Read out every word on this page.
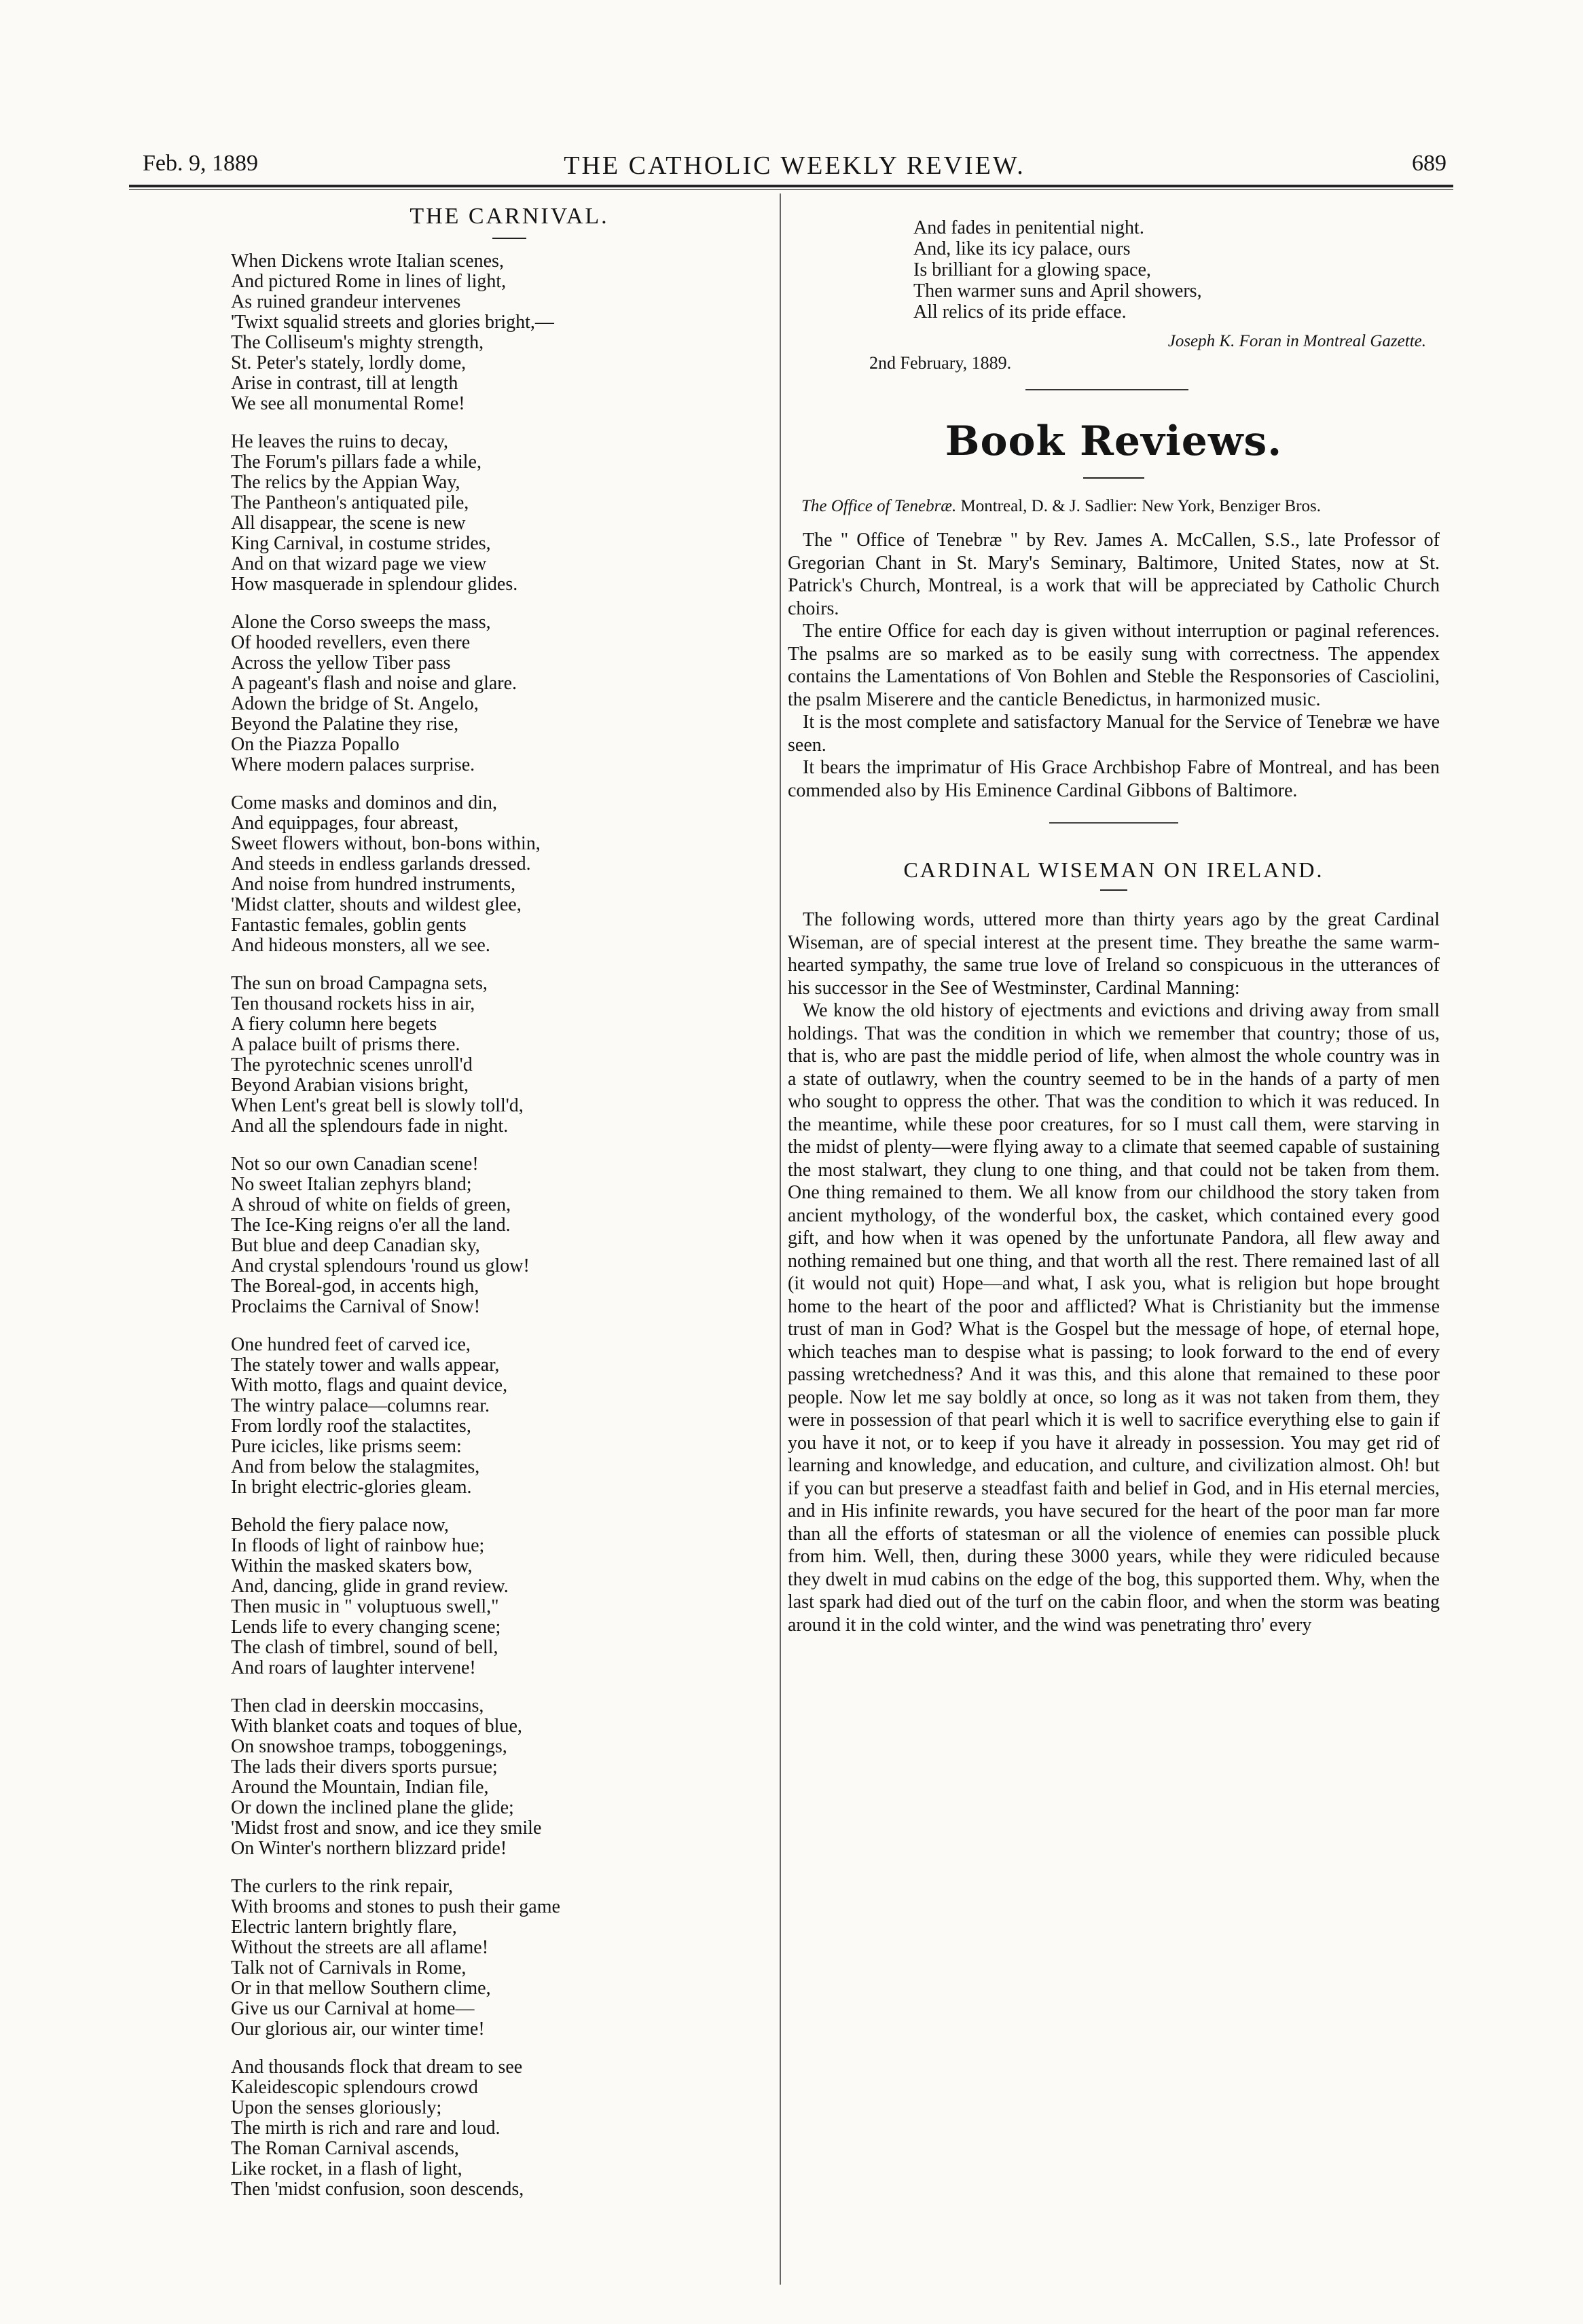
Feb. 9, 1889	THE CATHOLIC WEEKLY REVIEW.	689
THE CARNIVAL.
When Dickens wrote Italian scenes,
And pictured Rome in lines of light,
As ruined grandeur intervenes
'Twixt squalid streets and glories bright,—
The Colliseum's mighty strength,
St. Peter's stately, lordly dome,
Arise in contrast, till at length
We see all monumental Rome!
He leaves the ruins to decay,
The Forum's pillars fade a while,
The relics by the Appian Way,
The Pantheon's antiquated pile,
All disappear, the scene is new
King Carnival, in costume strides,
And on that wizard page we view
How masquerade in splendour glides.
Alone the Corso sweeps the mass,
Of hooded revellers, even there
Across the yellow Tiber pass
A pageant's flash and noise and glare.
Adown the bridge of St. Angelo,
Beyond the Palatine they rise,
On the Piazza Popallo
Where modern palaces surprise.
Come masks and dominos and din,
And equippages, four abreast,
Sweet flowers without, bon-bons within,
And steeds in endless garlands dressed.
And noise from hundred instruments,
'Midst clatter, shouts and wildest glee,
Fantastic females, goblin gents
And hideous monsters, all we see.
The sun on broad Campagna sets,
Ten thousand rockets hiss in air,
A fiery column here begets
A palace built of prisms there.
The pyrotechnic scenes unroll'd
Beyond Arabian visions bright,
When Lent's great bell is slowly toll'd,
And all the splendours fade in night.
Not so our own Canadian scene!
No sweet Italian zephyrs bland;
A shroud of white on fields of green,
The Ice-King reigns o'er all the land.
But blue and deep Canadian sky,
And crystal splendours 'round us glow!
The Boreal-god, in accents high,
Proclaims the Carnival of Snow!
One hundred feet of carved ice,
The stately tower and walls appear,
With motto, flags and quaint device,
The wintry palace—columns rear.
From lordly roof the stalactites,
Pure icicles, like prisms seem:
And from below the stalagmites,
In bright electric-glories gleam.
Behold the fiery palace now,
In floods of light of rainbow hue;
Within the masked skaters bow,
And, dancing, glide in grand review.
Then music in " voluptuous swell,"
Lends life to every changing scene;
The clash of timbrel, sound of bell,
And roars of laughter intervene!
Then clad in deerskin moccasins,
With blanket coats and toques of blue,
On snowshoe tramps, toboggenings,
The lads their divers sports pursue;
Around the Mountain, Indian file,
Or down the inclined plane the glide;
'Midst frost and snow, and ice they smile
On Winter's northern blizzard pride!
The curlers to the rink repair,
With brooms and stones to push their game
Electric lantern brightly flare,
Without the streets are all aflame!
Talk not of Carnivals in Rome,
Or in that mellow Southern clime,
Give us our Carnival at home—
Our glorious air, our winter time!
And thousands flock that dream to see
Kaleidescopic splendours crowd
Upon the senses gloriously;
The mirth is rich and rare and loud.
The Roman Carnival ascends,
Like rocket, in a flash of light,
Then 'midst confusion, soon descends,
And fades in penitential night.
And, like its icy palace, ours
Is brilliant for a glowing space,
Then warmer suns and April showers,
All relics of its pride efface.
Joseph K. Foran in Montreal Gazette.
2nd February, 1889.
Book Reviews.

The Office of Tenebræ. Montreal, D. & J. Sadlier: New York, Benziger Bros.

The " Office of Tenebræ " by Rev. James A. McCallen, S.S., late Professor of Gregorian Chant in St. Mary's Seminary, Baltimore, United States, now at St. Patrick's Church, Montreal, is a work that will be appreciated by Catholic Church choirs.

The entire Office for each day is given without interruption or paginal references. The psalms are so marked as to be easily sung with correctness. The appendex contains the Lamentations of Von Bohlen and Steble the Responsories of Casciolini, the psalm Miserere and the canticle Benedictus, in harmonized music.

It is the most complete and satisfactory Manual for the Service of Tenebræ we have seen.

It bears the imprimatur of His Grace Archbishop Fabre of Montreal, and has been commended also by His Eminence Cardinal Gibbons of Baltimore.

CARDINAL WISEMAN ON IRELAND.

The following words, uttered more than thirty years ago by the great Cardinal Wiseman, are of special interest at the present time. They breathe the same warm-hearted sympathy, the same true love of Ireland so conspicuous in the utterances of his successor in the See of Westminster, Cardinal Manning:

We know the old history of ejectments and evictions and driving away from small holdings. That was the condition in which we remember that country; those of us, that is, who are past the middle period of life, when almost the whole country was in a state of outlawry, when the country seemed to be in the hands of a party of men who sought to oppress the other. That was the condition to which it was reduced. In the meantime, while these poor creatures, for so I must call them, were starving in the midst of plenty—were flying away to a climate that seemed capable of sustaining the most stalwart, they clung to one thing, and that could not be taken from them. One thing remained to them. We all know from our childhood the story taken from ancient mythology, of the wonderful box, the casket, which contained every good gift, and how when it was opened by the unfortunate Pandora, all flew away and nothing remained but one thing, and that worth all the rest. There remained last of all (it would not quit) Hope—and what, I ask you, what is religion but hope brought home to the heart of the poor and afflicted? What is Christianity but the immense trust of man in God? What is the Gospel but the message of hope, of eternal hope, which teaches man to despise what is passing; to look forward to the end of every passing wretchedness? And it was this, and this alone that remained to these poor people. Now let me say boldly at once, so long as it was not taken from them, they were in possession of that pearl which it is well to sacrifice everything else to gain if you have it not, or to keep if you have it already in possession. You may get rid of learning and knowledge, and education, and culture, and civilization almost. Oh! but if you can but preserve a steadfast faith and belief in God, and in His eternal mercies, and in His infinite rewards, you have secured for the heart of the poor man far more than all the efforts of statesman or all the violence of enemies can possible pluck from him. Well, then, during these 3000 years, while they were ridiculed because they dwelt in mud cabins on the edge of the bog, this supported them. Why, when the last spark had died out of the turf on the cabin floor, and when the storm was beating around it in the cold winter, and the wind was penetrating thro' every
